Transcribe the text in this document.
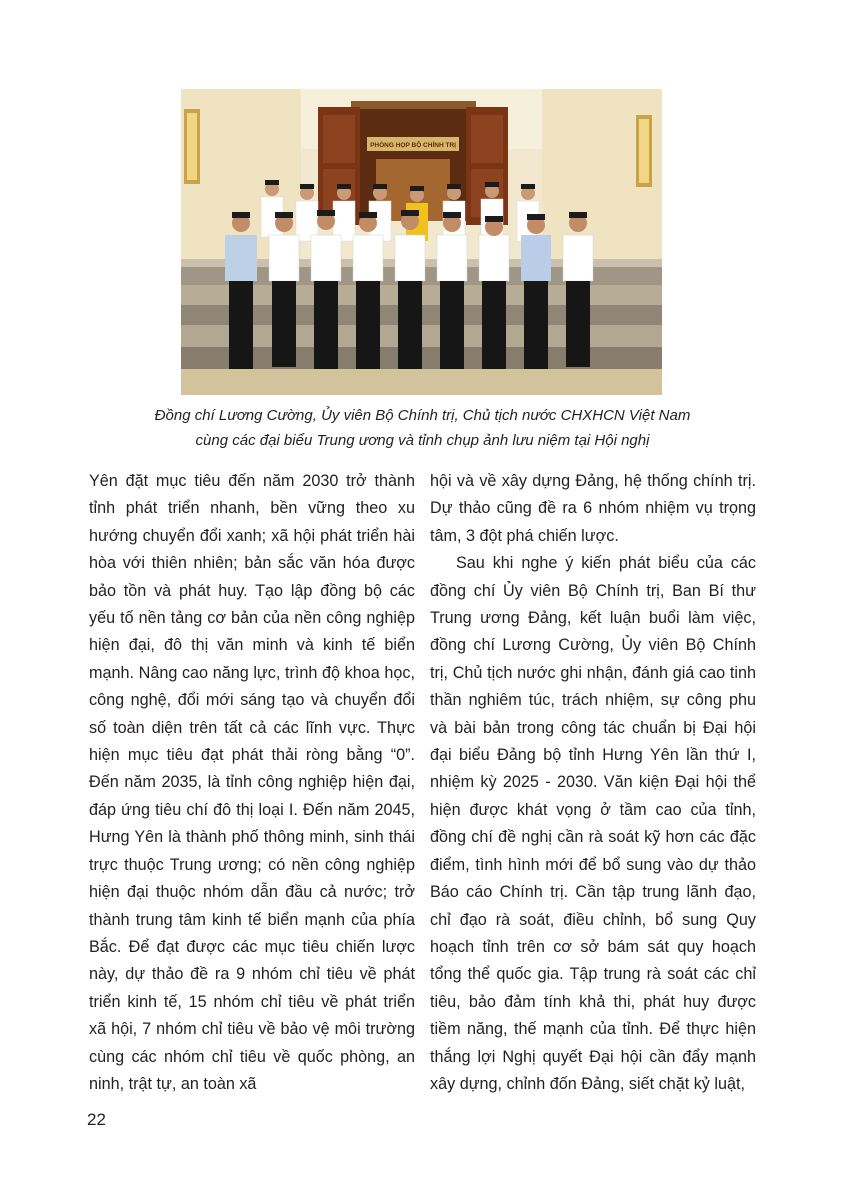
PHÒNG HỌP BỘ CHÍNH TRỊ
Đồng chí Lương Cường, Ủy viên Bộ Chính trị, Chủ tịch nước CHXHCN Việt Nam
cùng các đại biểu Trung ương và tỉnh chụp ảnh lưu niệm tại Hội nghị

Yên đặt mục tiêu đến năm 2030 trở thành tỉnh phát triển nhanh, bền vững theo xu hướng chuyển đổi xanh; xã hội phát triển hài hòa với thiên nhiên; bản sắc văn hóa được bảo tồn và phát huy. Tạo lập đồng bộ các yếu tố nền tảng cơ bản của nền công nghiệp hiện đại, đô thị văn minh và kinh tế biển mạnh. Nâng cao năng lực, trình độ khoa học, công nghệ, đổi mới sáng tạo và chuyển đổi số toàn diện trên tất cả các lĩnh vực. Thực hiện mục tiêu đạt phát thải ròng bằng “0”. Đến năm 2035, là tỉnh công nghiệp hiện đại, đáp ứng tiêu chí đô thị loại I. Đến năm 2045, Hưng Yên là thành phố thông minh, sinh thái trực thuộc Trung ương; có nền công nghiệp hiện đại thuộc nhóm dẫn đầu cả nước; trở thành trung tâm kinh tế biển mạnh của phía Bắc. Để đạt được các mục tiêu chiến lược này, dự thảo đề ra 9 nhóm chỉ tiêu về phát triển kinh tế, 15 nhóm chỉ tiêu về phát triển xã hội, 7 nhóm chỉ tiêu về bảo vệ môi trường cùng các nhóm chỉ tiêu về quốc phòng, an ninh, trật tự, an toàn xã

hội và về xây dựng Đảng, hệ thống chính trị. Dự thảo cũng đề ra 6 nhóm nhiệm vụ trọng tâm, 3 đột phá chiến lược.

Sau khi nghe ý kiến phát biểu của các đồng chí Ủy viên Bộ Chính trị, Ban Bí thư Trung ương Đảng, kết luận buổi làm việc, đồng chí Lương Cường, Ủy viên Bộ Chính trị, Chủ tịch nước ghi nhận, đánh giá cao tinh thần nghiêm túc, trách nhiệm, sự công phu và bài bản trong công tác chuẩn bị Đại hội đại biểu Đảng bộ tỉnh Hưng Yên lần thứ I, nhiệm kỳ 2025 - 2030. Văn kiện Đại hội thể hiện được khát vọng ở tầm cao của tỉnh, đồng chí đề nghị cần rà soát kỹ hơn các đặc điểm, tình hình mới để bổ sung vào dự thảo Báo cáo Chính trị. Cần tập trung lãnh đạo, chỉ đạo rà soát, điều chỉnh, bổ sung Quy hoạch tỉnh trên cơ sở bám sát quy hoạch tổng thể quốc gia. Tập trung rà soát các chỉ tiêu, bảo đảm tính khả thi, phát huy được tiềm năng, thế mạnh của tỉnh. Để thực hiện thắng lợi Nghị quyết Đại hội cần đẩy mạnh xây dựng, chỉnh đốn Đảng, siết chặt kỷ luật,

22
